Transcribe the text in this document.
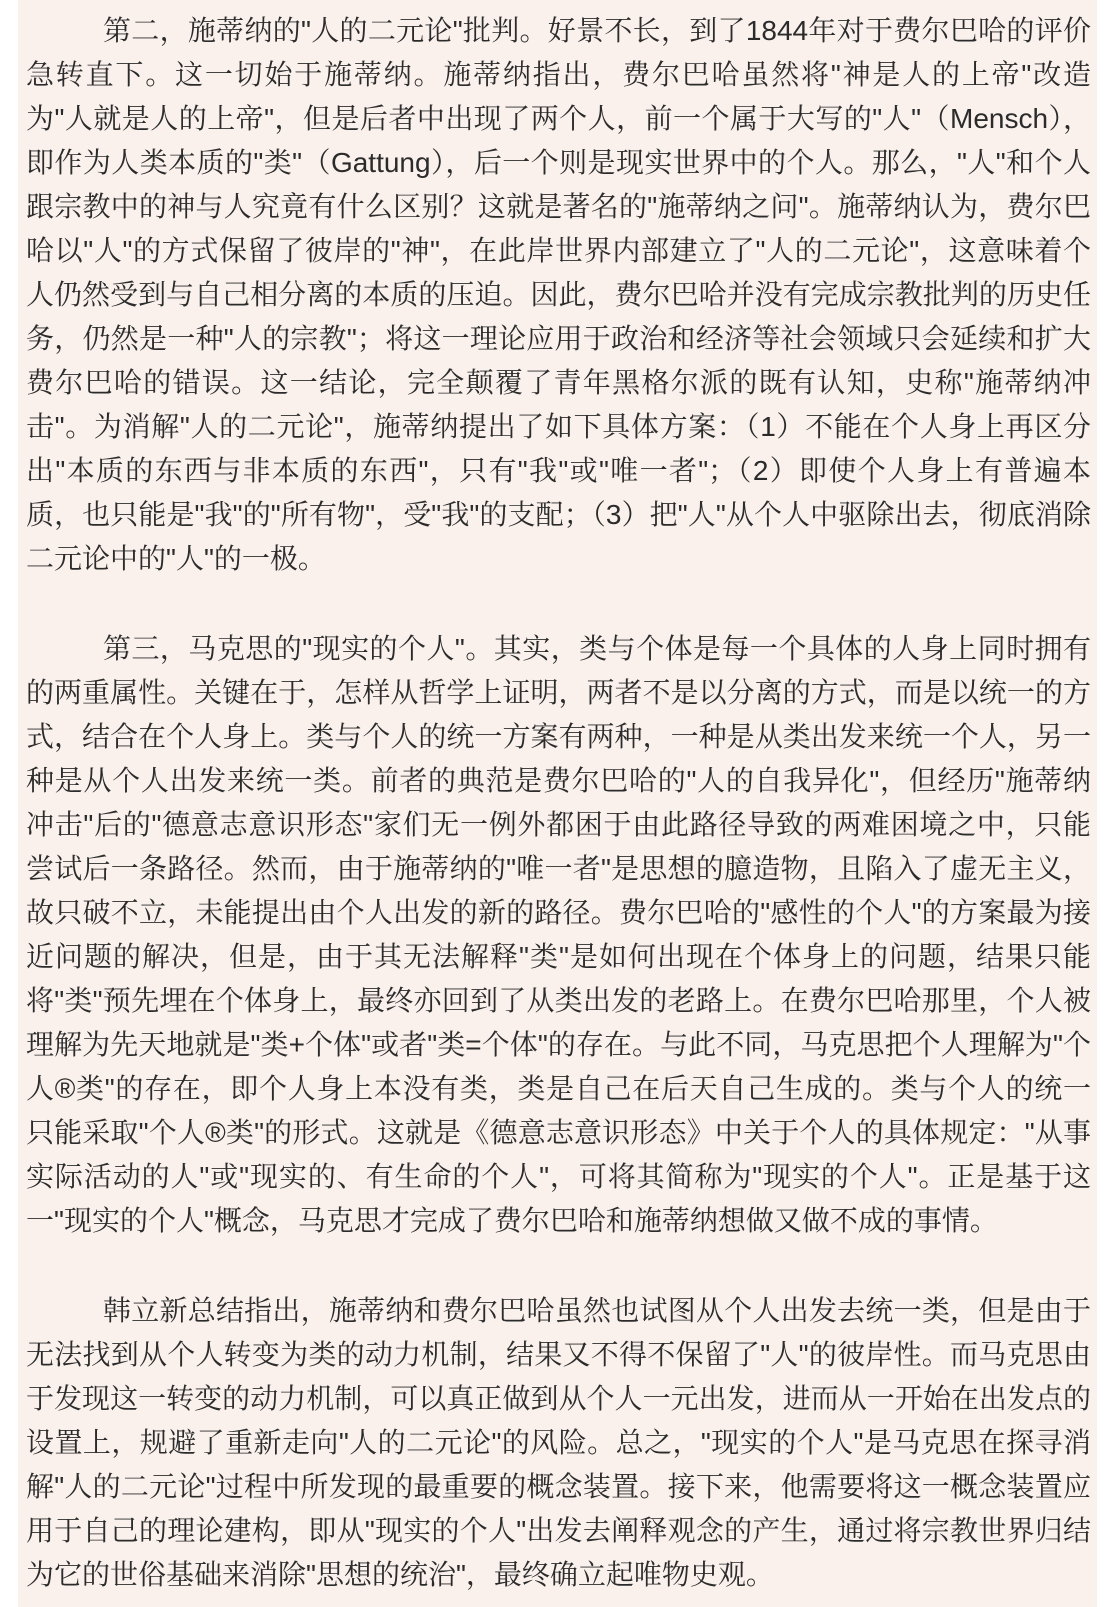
第二，施蒂纳的"人的二元论"批判。好景不长，到了1844年对于费尔巴哈的评价急转直下。这一切始于施蒂纳。施蒂纳指出，费尔巴哈虽然将"神是人的上帝"改造为"人就是人的上帝"，但是后者中出现了两个人，前一个属于大写的"人"（Mensch），即作为人类本质的"类"（Gattung），后一个则是现实世界中的个人。那么，"人"和个人跟宗教中的神与人究竟有什么区别？这就是著名的"施蒂纳之问"。施蒂纳认为，费尔巴哈以"人"的方式保留了彼岸的"神"，在此岸世界内部建立了"人的二元论"，这意味着个人仍然受到与自己相分离的本质的压迫。因此，费尔巴哈并没有完成宗教批判的历史任务，仍然是一种"人的宗教"；将这一理论应用于政治和经济等社会领域只会延续和扩大费尔巴哈的错误。这一结论，完全颠覆了青年黑格尔派的既有认知，史称"施蒂纳冲击"。为消解"人的二元论"，施蒂纳提出了如下具体方案：（1）不能在个人身上再区分出"本质的东西与非本质的东西"，只有"我"或"唯一者"；（2）即使个人身上有普遍本质，也只能是"我"的"所有物"，受"我"的支配；（3）把"人"从个人中驱除出去，彻底消除二元论中的"人"的一极。

第三，马克思的"现实的个人"。其实，类与个体是每一个具体的人身上同时拥有的两重属性。关键在于，怎样从哲学上证明，两者不是以分离的方式，而是以统一的方式，结合在个人身上。类与个人的统一方案有两种，一种是从类出发来统一个人，另一种是从个人出发来统一类。前者的典范是费尔巴哈的"人的自我异化"，但经历"施蒂纳冲击"后的"德意志意识形态"家们无一例外都困于由此路径导致的两难困境之中，只能尝试后一条路径。然而，由于施蒂纳的"唯一者"是思想的臆造物，且陷入了虚无主义，故只破不立，未能提出由个人出发的新的路径。费尔巴哈的"感性的个人"的方案最为接近问题的解决，但是，由于其无法解释"类"是如何出现在个体身上的问题，结果只能将"类"预先埋在个体身上，最终亦回到了从类出发的老路上。在费尔巴哈那里，个人被理解为先天地就是"类+个体"或者"类=个体"的存在。与此不同，马克思把个人理解为"个人®类"的存在，即个人身上本没有类，类是自己在后天自己生成的。类与个人的统一只能采取"个人®类"的形式。这就是《德意志意识形态》中关于个人的具体规定："从事实际活动的人"或"现实的、有生命的个人"，可将其简称为"现实的个人"。正是基于这一"现实的个人"概念，马克思才完成了费尔巴哈和施蒂纳想做又做不成的事情。

韩立新总结指出，施蒂纳和费尔巴哈虽然也试图从个人出发去统一类，但是由于无法找到从个人转变为类的动力机制，结果又不得不保留了"人"的彼岸性。而马克思由于发现这一转变的动力机制，可以真正做到从个人一元出发，进而从一开始在出发点的设置上，规避了重新走向"人的二元论"的风险。总之，"现实的个人"是马克思在探寻消解"人的二元论"过程中所发现的最重要的概念装置。接下来，他需要将这一概念装置应用于自己的理论建构，即从"现实的个人"出发去阐释观念的产生，通过将宗教世界归结为它的世俗基础来消除"思想的统治"，最终确立起唯物史观。
